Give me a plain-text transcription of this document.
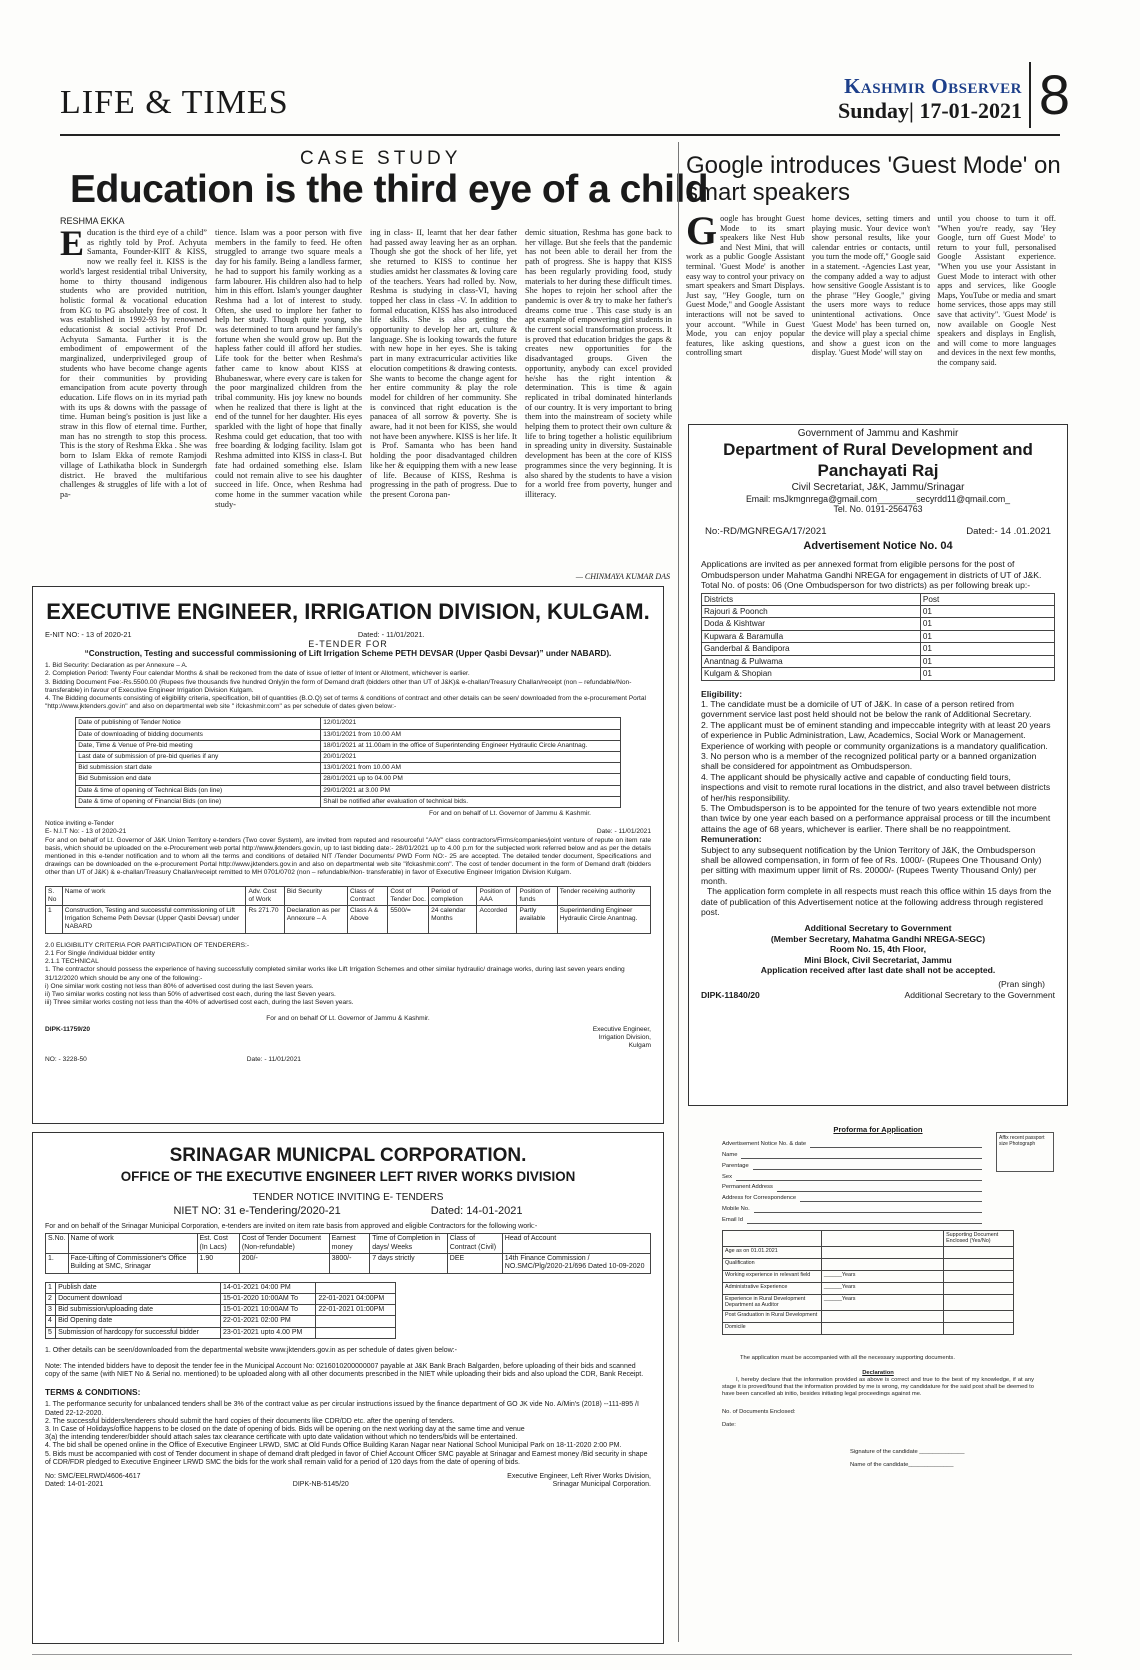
LIFE & TIMES	Kashmir Observer
Sunday| 17-01-2021 8
CASE STUDY
Education is the third eye of a child
RESHMA EKKA
E ducation is the third eye of a child” as rightly told by Prof. Achyuta Samanta, Founder-KIIT & KISS, now we really feel it. KISS is the world's largest residential tribal University, home to thirty thousand indigenous students who are provided nutrition, holistic formal & vocational education from KG to PG absolutely free of cost. It was established in 1992-93 by renowned educationist & social activist Prof Dr. Achyuta Samanta. Further it is the embodiment of empowerment of the marginalized, underprivileged group of students who have become change agents for their communities by providing emancipation from acute poverty through education. Life flows on in its myriad path with its ups & downs with the passage of time. Human being's position is just like a straw in this flow of eternal time. Further, man has no strength to stop this process. This is the story of Reshma Ekka . She was born to Islam Ekka of remote Ramjodi village of Lathikatha block in Sundergrh district. He braved the multifarious challenges & struggles of life with a lot of pa-
tience. Islam was a poor person with five members in the family to feed. He often struggled to arrange two square meals a day for his family. Being a landless farmer, he had to support his family working as a farm labourer. His children also had to help him in this effort. Islam's younger daughter Reshma had a lot of interest to study. Often, she used to implore her father to help her study. Though quite young, she was determined to turn around her family's fortune when she would grow up. But the hapless father could ill afford her studies. Life took for the better when Reshma's father came to know about KISS at Bhubaneswar, where every care is taken for the poor marginalized children from the tribal community. His joy knew no bounds when he realized that there is light at the end of the tunnel for her daughter. His eyes sparkled with the light of hope that finally Reshma could get education, that too with free boarding & lodging facility. Islam got Reshma admitted into KISS in class-I. But fate had ordained something else. Islam could not remain alive to see his daughter succeed in life. Once, when Reshma had come home in the summer vacation while study-
ing in class- II, learnt that her dear father had passed away leaving her as an orphan. Though she got the shock of her life, yet she returned to KISS to continue her studies amidst her classmates & loving care of the teachers. Years had rolled by. Now, Reshma is studying in class-VI, having topped her class in class -V. In addition to formal education, KISS has also introduced life skills. She is also getting the opportunity to develop her art, culture & language. She is looking towards the future with new hope in her eyes. She is taking part in many extracurricular activities like elocution competitions & drawing contests. She wants to become the change agent for her entire community & play the role model for children of her community. She is convinced that right education is the panacea of all sorrow & poverty. She is aware, had it not been for KISS, she would not have been anywhere. KISS is her life. It is Prof. Samanta who has been hand holding the poor disadvantaged children like her & equipping them with a new lease of life. Because of KISS, Reshma is progressing in the path of progress. Due to the present Corona pan-
demic situation, Reshma has gone back to her village. But she feels that the pandemic has not been able to derail her from the path of progress. She is happy that KISS has been regularly providing food, study materials to her during these difficult times. She hopes to rejoin her school after the pandemic is over & try to make her father's dreams come true . This case study is an apt example of empowering girl students in the current social transformation process. It is proved that education bridges the gaps & creates new opportunities for the disadvantaged groups. Given the opportunity, anybody can excel provided he/she has the right intention & determination. This is time & again replicated in tribal dominated hinterlands of our country. It is very important to bring them into the mainstream of society while helping them to protect their own culture & life to bring together a holistic equilibrium in spreading unity in diversity. Sustainable development has been at the core of KISS programmes since the very beginning. It is also shared by the students to have a vision for a world free from poverty, hunger and illiteracy.
— CHINMAYA KUMAR DAS
Google introduces 'Guest Mode' on smart speakers
G oogle has brought Guest Mode to its smart speakers like Nest Hub and Nest Mini, that will work as a public Google Assistant terminal. 'Guest Mode' is another easy way to control your privacy on smart speakers and Smart Displays. Just say, "Hey Google, turn on Guest Mode," and Google Assistant interactions will not be saved to your account. "While in Guest Mode, you can enjoy popular features, like asking questions, controlling smart
home devices, setting timers and playing music. Your device won't show personal results, like your calendar entries or contacts, until you turn the mode off," Google said in a statement. -Agencies Last year, the company added a way to adjust how sensitive Google Assistant is to the phrase "Hey Google," giving the users more ways to reduce unintentional activations. Once 'Guest Mode' has been turned on, the device will play a special chime and show a guest icon on the display. 'Guest Mode' will stay on
until you choose to turn it off. "When you're ready, say 'Hey Google, turn off Guest Mode' to return to your full, personalised Google Assistant experience. "When you use your Assistant in Guest Mode to interact with other apps and services, like Google Maps, YouTube or media and smart home services, those apps may still save that activity". 'Guest Mode' is now available on Google Nest speakers and displays in English, and will come to more languages and devices in the next few months, the company said.
EXECUTIVE ENGINEER, IRRIGATION DIVISION, KULGAM.
E-NIT NO: - 13 of 2020-21	Dated: - 11/01/2021.
E-TENDER FOR
“Construction, Testing and successful commissioning of Lift Irrigation Scheme PETH DEVSAR (Upper Qasbi Devsar)” under NABARD).
1. Bid Security: Declaration as per Annexure – A.
2. Completion Period: Twenty Four calendar Months & shall be reckoned from the date of issue of letter of Intent or Allotment, whichever is earlier.
3. Bidding Document Fee:-Rs.5500.00 (Rupees five thousands five hundred Only)in the form of Demand draft (bidders other than UT of J&K)& e-challan/Treasury Challan/receipt (non – refundable/Non- transferable) in favour of Executive Engineer Irrigation Division Kulgam.
4. The Bidding documents consisting of eligibility criteria, specification, bill of quantities (B.O.Q) set of terms & conditions of contract and other details can be seen/ downloaded from the e-procurement Portal "http://www.jktenders.gov.in" and also on departmental web site " ifckashmir.com" as per schedule of dates given below:-
Date of publishing of Tender Notice	12/01/2021
Date of downloading of bidding documents	13/01/2021 from 10.00 AM
Date, Time & Venue of Pre-bid meeting	18/01/2021 at 11.00am in the office of Superintending Engineer Hydraulic Circle Anantnag.
Last date of submission of pre-bid queries if any	20/01/2021
Bid submission start date	13/01/2021 from 10.00 AM
Bid Submission end date	28/01/2021 up to 04.00 PM
Date & time of opening of Technical Bids (on line)	29/01/2021 at 3.00 PM
Date & time of opening of Financial Bids (on line)	Shall be notified after evaluation of technical bids.
For and on behalf of Lt. Governor of Jammu & Kashmir.
Notice inviting e-Tender
E- N.I.T No: - 13 of 2020-21	Date: - 11/01/2021
For and on behalf of Lt. Governor of J&K Union Territory e-tenders (Two cover System), are invited from reputed and resourceful "AAY" class contractors/Firms/companies/joint venture of repute on item rate basis, which should be uploaded on the e-Procurement web portal http://www.jktenders.gov.in, up to last bidding date:- 28/01/2021 up to 4.00 p.m for the subjected work referred below and as per the details mentioned in this e-tender notification and to whom all the terms and conditions of detailed NIT /Tender Documents/ PWD Form NO:- 25 are accepted. The detailed tender document, Specifications and drawings can be downloaded on the e-procurement Portal http://www.jktenders.gov.in and also on departmental web site "ifckashmir.com". The cost of tender document in the form of Demand draft (bidders other than UT of J&K) & e-challan/Treasury Challan/receipt remitted to MH 0701/0702 (non – refundable/Non- transferable) in favor of Executive Engineer Irrigation Division Kulgam.
S. No	Name of work	Adv. Cost of Work	Bid Security	Class of Contract	Cost of Tender Doc.	Period of completion	Position of AAA	Position of funds	Tender receiving authority
1	Construction, Testing and successful commissioning of Lift Irrigation Scheme Peth Devsar (Upper Qasbi Devsar) under NABARD	Rs 271.70	Declaration as per Annexure – A	Class A & Above	5500/=	24 calendar Months	Accorded	Partly available	Superintending Engineer Hydraulic Circle Anantnag.
2.0 ELIGIBILITY CRITERIA FOR PARTICIPATION OF TENDERERS:-
2.1 For Single /individual bidder entity
2.1.1 TECHNICAL
1. The contractor should possess the experience of having successfully completed similar works like Lift Irrigation Schemes and other similar hydraulic/ drainage works, during last seven years ending 31/12/2020 which should be any one of the following:-
i) One similar work costing not less than 80% of advertised cost during the last Seven years.
ii) Two similar works costing not less than 50% of advertised cost each, during the last Seven years.
iii) Three similar works costing not less than the 40% of advertised cost each, during the last Seven years.
For and on behalf Of Lt. Governor of Jammu & Kashmir.
DIPK-11759/20	Executive Engineer, Irrigation Division, Kulgam
NO: - 3228-50	Date: - 11/01/2021
Government of Jammu and Kashmir
Department of Rural Development and Panchayati Raj
Civil Secretariat, J&K, Jammu/Srinagar
Email: msJkmgnrega@gmail.com________secyrdd11@qmail.com_
Tel. No. 0191-2564763
No:-RD/MGNREGA/17/2021	Dated:- 14 .01.2021
Advertisement Notice No. 04
Applications are invited as per annexed format from eligible persons for the post of Ombudsperson under Mahatma Gandhi NREGA for engagement in districts of UT of J&K.
Total No. of posts: 06 (One Ombudsperson for two districts) as per following break up:-
Districts	Post
Rajouri & Poonch	01
Doda & Kishtwar	01
Kupwara & Baramulla	01
Ganderbal & Bandipora	01
Anantnag & Pulwama	01
Kulgam & Shopian	01
Eligibility:
1. The candidate must be a domicile of UT of J&K. In case of a person retired from government service last post held should not be below the rank of Additional Secretary.
2. The applicant must be of eminent standing and impeccable integrity with at least 20 years of experience in Public Administration, Law, Academics, Social Work or Management. Experience of working with people or community organizations is a mandatory qualification.
3. No person who is a member of the recognized political party or a banned organization shall be considered for appointment as Ombudsperson.
4. The applicant should be physically active and capable of conducting field tours, inspections and visit to remote rural locations in the district, and also travel between districts of her/his responsibility.
5. The Ombudsperson is to be appointed for the tenure of two years extendible not more than twice by one year each based on a performance appraisal process or till the incumbent attains the age of 68 years, whichever is earlier. There shall be no reappointment.
Remuneration:
Subject to any subsequent notification by the Union Territory of J&K, the Ombudsperson shall be allowed compensation, in form of fee of Rs. 1000/- (Rupees One Thousand Only) per sitting with maximum upper limit of Rs. 20000/- (Rupees Twenty Thousand Only) per month.
The application form complete in all respects must reach this office within 15 days from the date of publication of this Advertisement notice at the following address through registered post.
Additional Secretary to Government
(Member Secretary, Mahatma Gandhi NREGA-SEGC)
Room No. 15, 4th Floor,
Mini Block, Civil Secretariat, Jammu
Application received after last date shall not be accepted.
(Pran singh)
DIPK-11840/20	Additional Secretary to the Government
Proforma for Application
Affix recent passport size Photograph
Advertisement Notice No. & date
Name
Parentage
Sex
Permanent Address
Address for Correspondence
Mobile No.
Email Id
		Supporting Document Enclosed (Yes/No)
Age as on 01.01.2021		
Qualification		
Working experience in relevant field	______Years	
Administrative Experience	______Years	
Experience in Rural Development Department as Auditor	______Years	
Post Graduation in Rural Development		
Domicile		
The application must be accompanied with all the necessary supporting documents.
Declaration
I, hereby declare that the information provided as above is correct and true to the best of my knowledge, if at any stage it is proved/found that the information provided by me is wrong, my candidature for the said post shall be deemed to have been cancelled ab initio, besides initiating legal proceedings against me.
No. of Documents Enclosed:
Date:
Signature of the candidate ______________
Name of the candidate______________
SRINAGAR MUNICPAL CORPORATION.
OFFICE OF THE EXECUTIVE ENGINEER LEFT RIVER WORKS DIVISION
TENDER NOTICE INVITING E- TENDERS
NIET NO: 31 e-Tendering/2020-21	Dated: 14-01-2021
For and on behalf of the Srinagar Municipal Corporation, e-tenders are invited on item rate basis from approved and eligible Contractors for the following work:-
S.No.	Name of work	Est. Cost (In Lacs)	Cost of Tender Document (Non-refundable)	Earnest money	Time of Completion in days/ Weeks	Class of Contract (Civil)	Head of Account
1.	Face-Lifting of Commissioner's Office Building at SMC, Srinagar	1.90	200/-	3800/-	7 days strictly	DEE	14th Finance Commission / NO.SMC/Plg/2020-21/696 Dated 10-09-2020
1	Publish date	14-01-2021 04:00 PM	
2	Document download	15-01-2020 10:00AM To	22-01-2021 04:00PM
3	Bid submission/uploading date	15-01-2021 10:00AM To	22-01-2021 01:00PM
4	Bid Opening date	22-01-2021 02:00 PM	
5	Submission of hardcopy for successful bidder	23-01-2021 upto 4.00 PM	
1. Other details can be seen/downloaded from the departmental website www.jktenders.gov.in as per schedule of dates given below:-
Note: The intended bidders have to deposit the tender fee in the Municipal Account No: 0216010200000007 payable at J&K Bank Brach Balgarden, before uploading of their bids and scanned copy of the same (with NIET No & Serial no. mentioned) to be uploaded along with all other documents prescribed in the NIET while uploading their bids and also upload the CDR, Bank Receipt.
TERMS & CONDITIONS:
1. The performance security for unbalanced tenders shall be 3% of the contract value as per circular instructions issued by the finance department of GO JK vide No. A/Min's (2018) --111-895 /I Dated 22-12-2020.
2. The successful bidders/tenderers should submit the hard copies of their documents like CDR/DD etc. after the opening of tenders.
3. In Case of Holidays/office happens to be closed on the date of opening of bids. Bids will be opening on the next working day at the same time and venue
3(a) the intending tenderer/bidder should attach sales tax clearance certificate with upto date validation without which no tenders/bids will be entertained.
4. The bid shall be opened online in the Office of Executive Engineer LRWD, SMC at Old Funds Office Building Karan Nagar near National School Municipal Park on 18-11-2020 2:00 PM.
5. Bids must be accompanied with cost of Tender document in shape of demand draft pledged in favor of Chief Account Officer SMC payable at Srinagar and Earnest money /Bid security in shape of CDR/FDR pledged to Executive Engineer LRWD SMC the bids for the work shall remain valid for a period of 120 days from the date of opening of bids.
No: SMC/EELRWD/4606-4617
Dated: 14-01-2021	DIPK-NB-5145/20
Executive Engineer, Left River Works Division, Srinagar Municipal Corporation.
